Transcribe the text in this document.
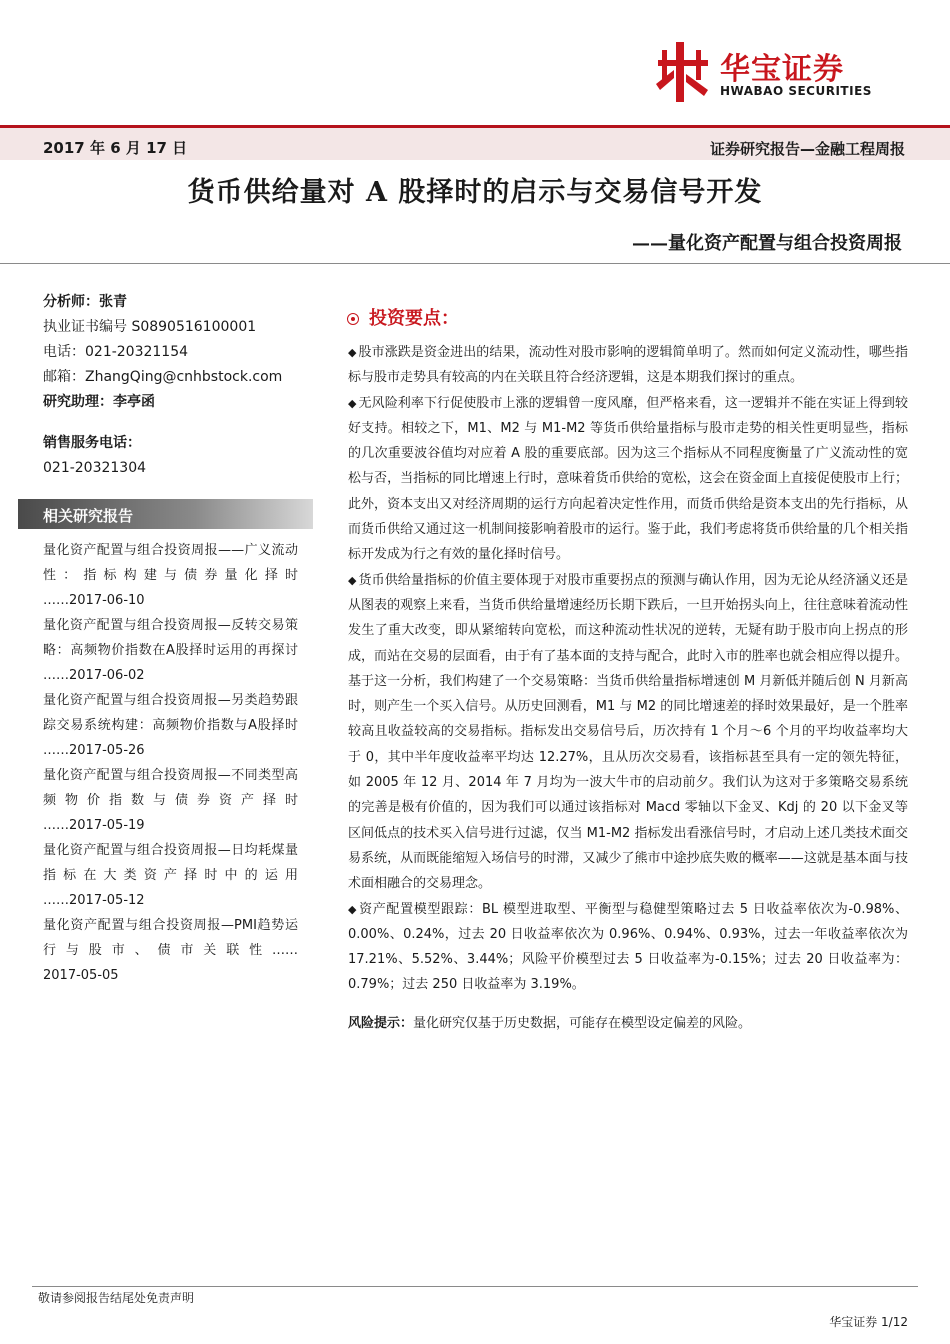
华宝证券
HWABAO SECURITIES
2017 年 6 月 17 日	证券研究报告—金融工程周报
货币供给量对 A 股择时的启示与交易信号开发
——量化资产配置与组合投资周报
分析师：张青
执业证书编号 S0890516100001
电话：021-20321154
邮箱：ZhangQing@cnhbstock.com
研究助理：李亭函
销售服务电话：
021-20321304
相关研究报告
量化资产配置与组合投资周报——广义流动性：指标构建与债券量化择时
……2017-06-10
量化资产配置与组合投资周报—反转交易策略：高频物价指数在A股择时运用的再探讨
……2017-06-02
量化资产配置与组合投资周报—另类趋势跟踪交易系统构建：高频物价指数与A股择时
……2017-05-26
量化资产配置与组合投资周报—不同类型高频物价指数与债券资产择时
……2017-05-19
量化资产配置与组合投资周报—日均耗煤量指标在大类资产择时中的运用
……2017-05-12
量化资产配置与组合投资周报—PMI趋势运行与股市、债市关联性……
2017-05-05
投资要点：

◆ 股市涨跌是资金进出的结果，流动性对股市影响的逻辑简单明了。然而如何定义流动性，哪些指标与股市走势具有较高的内在关联且符合经济逻辑，这是本期我们探讨的重点。

◆ 无风险利率下行促使股市上涨的逻辑曾一度风靡，但严格来看，这一逻辑并不能在实证上得到较好支持。相较之下，M1、M2 与 M1-M2 等货币供给量指标与股市走势的相关性更明显些，指标的几次重要波谷值均对应着 A 股的重要底部。因为这三个指标从不同程度衡量了广义流动性的宽松与否，当指标的同比增速上行时，意味着货币供给的宽松，这会在资金面上直接促使股市上行；此外，资本支出又对经济周期的运行方向起着决定性作用，而货币供给是资本支出的先行指标，从而货币供给又通过这一机制间接影响着股市的运行。鉴于此，我们考虑将货币供给量的几个相关指标开发成为行之有效的量化择时信号。

◆ 货币供给量指标的价值主要体现于对股市重要拐点的预测与确认作用，因为无论从经济涵义还是从图表的观察上来看，当货币供给量增速经历长期下跌后，一旦开始拐头向上，往往意味着流动性发生了重大改变，即从紧缩转向宽松，而这种流动性状况的逆转，无疑有助于股市向上拐点的形成，而站在交易的层面看，由于有了基本面的支持与配合，此时入市的胜率也就会相应得以提升。基于这一分析，我们构建了一个交易策略：当货币供给量指标增速创 M 月新低并随后创 N 月新高时，则产生一个买入信号。从历史回测看，M1 与 M2 的同比增速差的择时效果最好，是一个胜率较高且收益较高的交易指标。指标发出交易信号后，历次持有 1 个月～6 个月的平均收益率均大于 0，其中半年度收益率平均达 12.27%，且从历次交易看，该指标甚至具有一定的领先特征，如 2005 年 12 月、2014 年 7 月均为一波大牛市的启动前夕。我们认为这对于多策略交易系统的完善是极有价值的，因为我们可以通过该指标对 Macd 零轴以下金叉、Kdj 的 20 以下金叉等区间低点的技术买入信号进行过滤，仅当 M1-M2 指标发出看涨信号时，才启动上述几类技术面交易系统，从而既能缩短入场信号的时滞，又减少了熊市中途抄底失败的概率——这就是基本面与技术面相融合的交易理念。

◆ 资产配置模型跟踪：BL 模型进取型、平衡型与稳健型策略过去 5 日收益率依次为-0.98%、0.00%、0.24%，过去 20 日收益率依次为 0.96%、0.94%、0.93%，过去一年收益率依次为 17.21%、5.52%、3.44%；风险平价模型过去 5 日收益率为-0.15%；过去 20 日收益率为：0.79%；过去 250 日收益率为 3.19%。

风险提示：量化研究仅基于历史数据，可能存在模型设定偏差的风险。
敬请参阅报告结尾处免责声明
华宝证券 1/12
